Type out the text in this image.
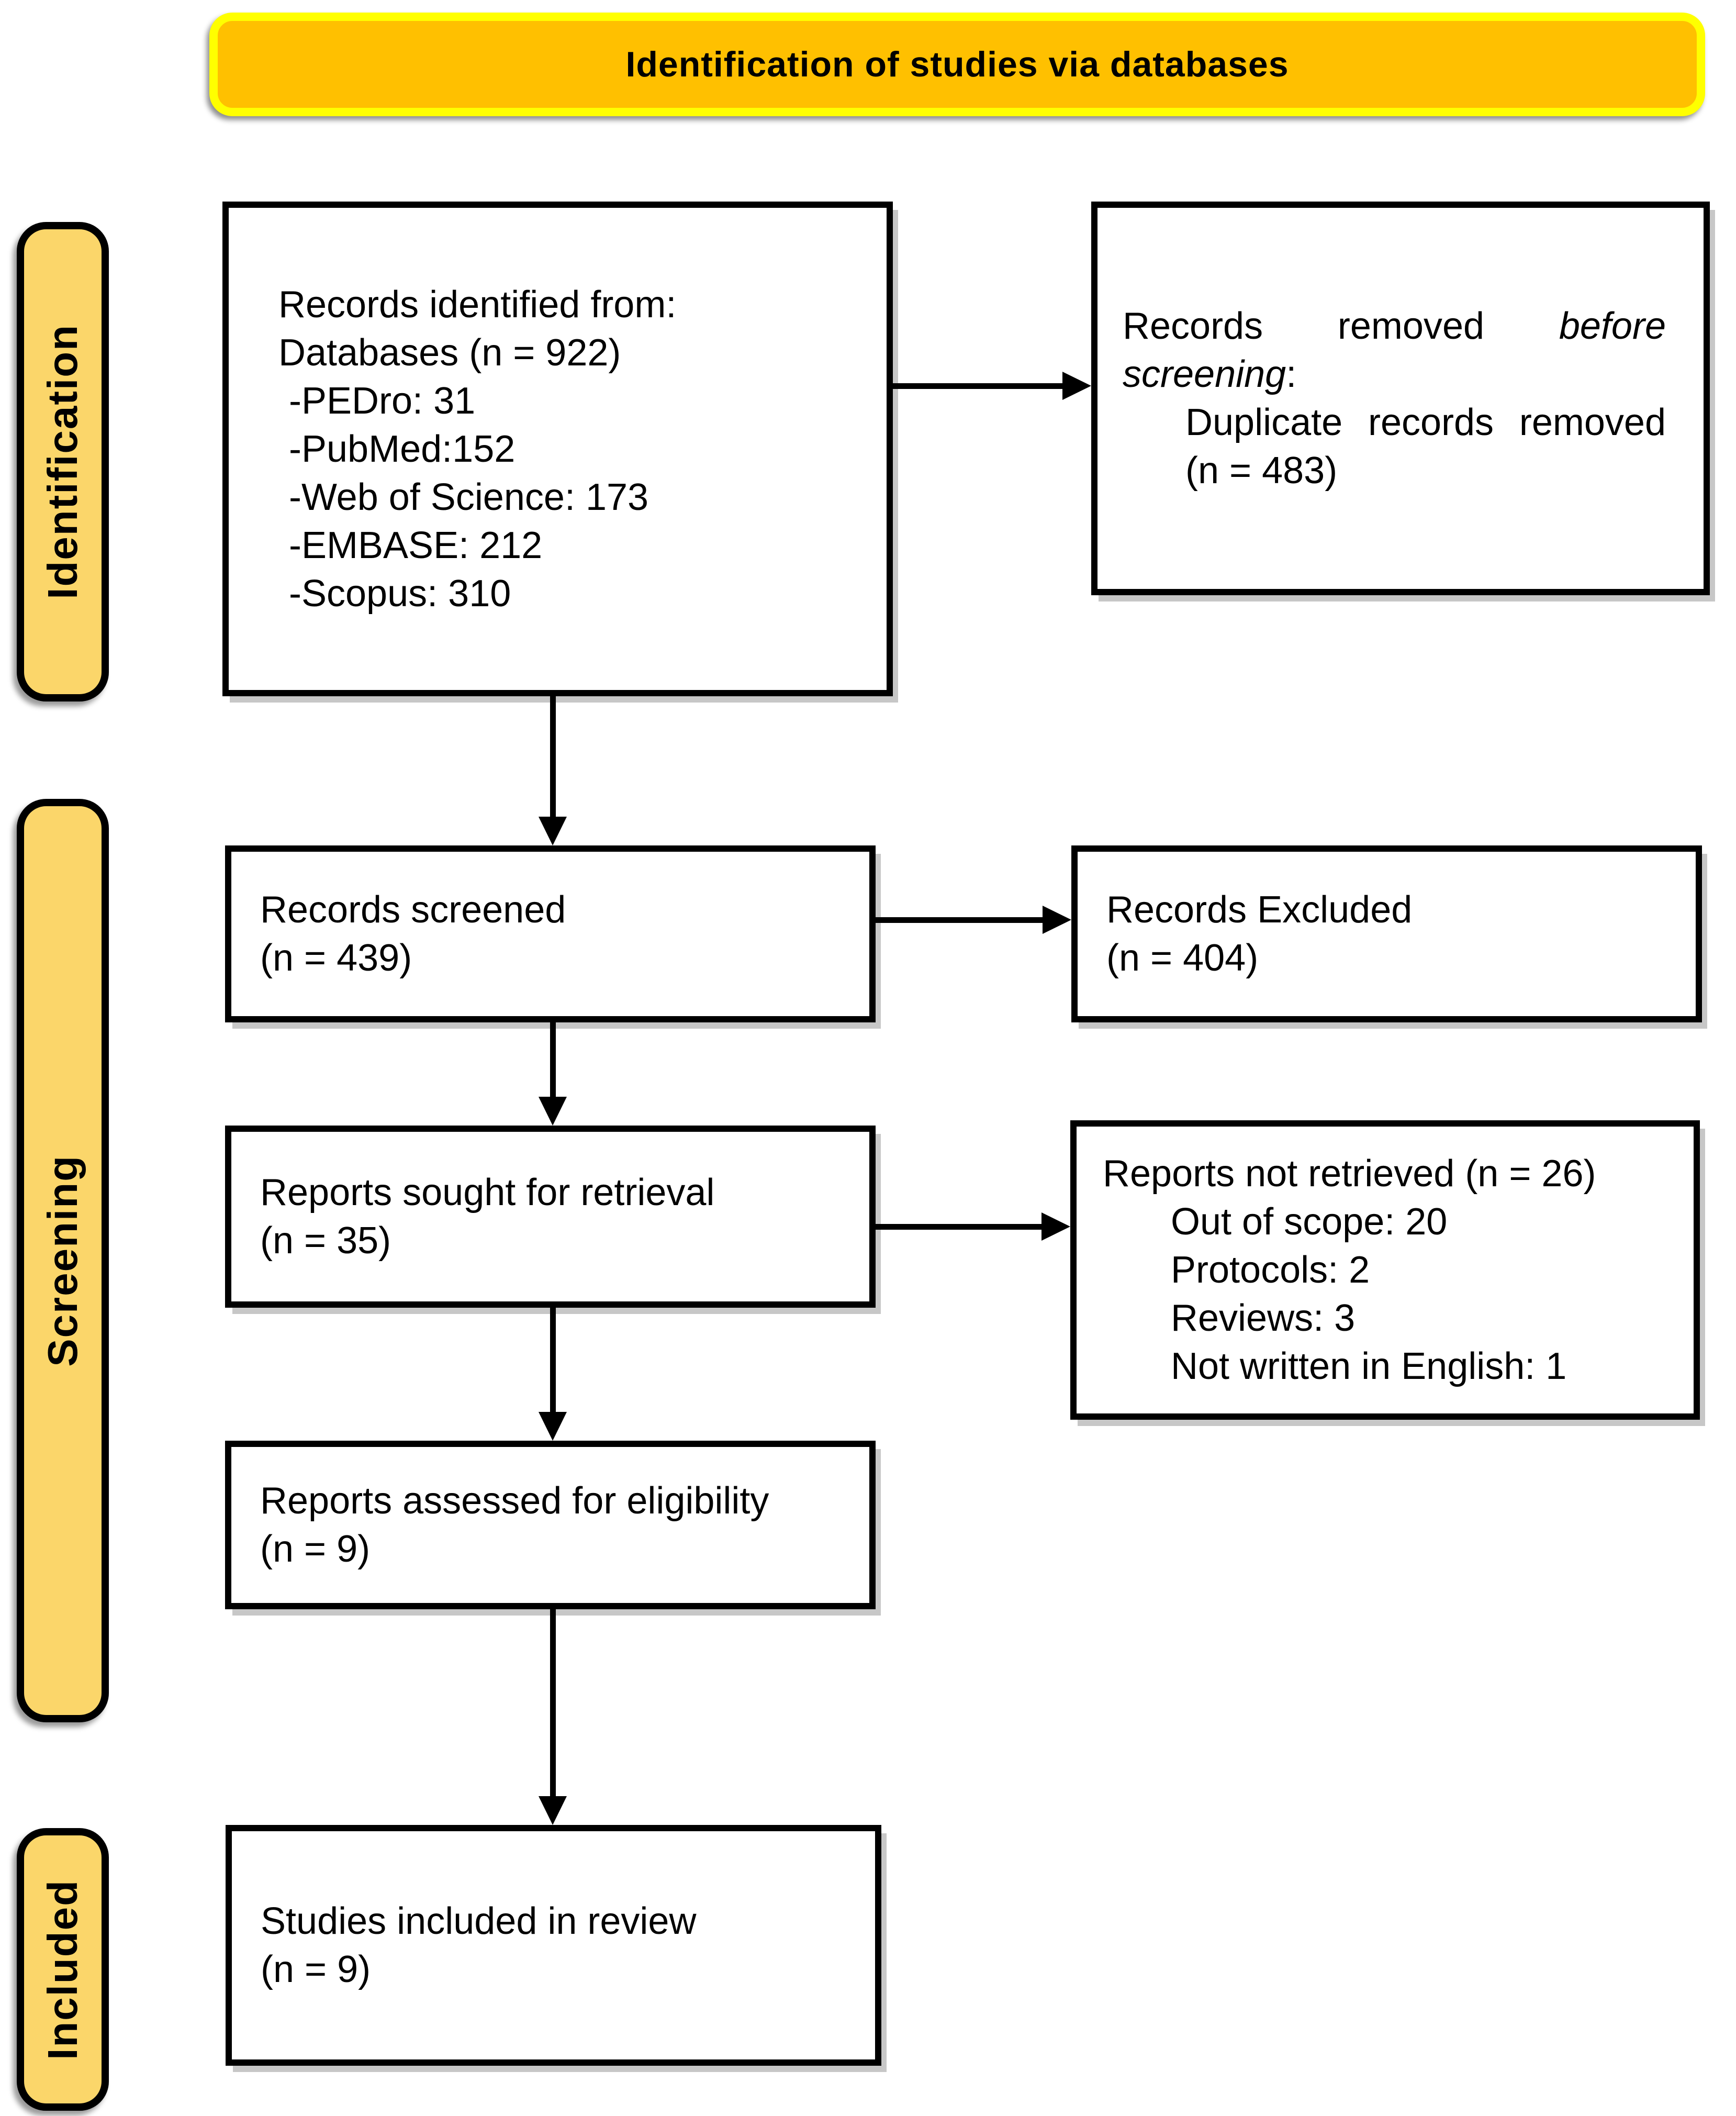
Identification of studies via databases
Identification
Screening
Included
Records identified from:
Databases (n = 922)
-PEDro: 31
-PubMed:152
-Web of Science: 173
-EMBASE: 212
-Scopus: 310
Records removed before
screening:
Duplicate records removed
(n = 483)
Records screened
(n = 439)
Records Excluded
(n = 404)
Reports sought for retrieval
(n = 35)
Reports not retrieved (n = 26)
Out of scope: 20
Protocols: 2
Reviews: 3
Not written in English: 1
Reports assessed for eligibility
(n = 9)
Studies included in review
(n = 9)
